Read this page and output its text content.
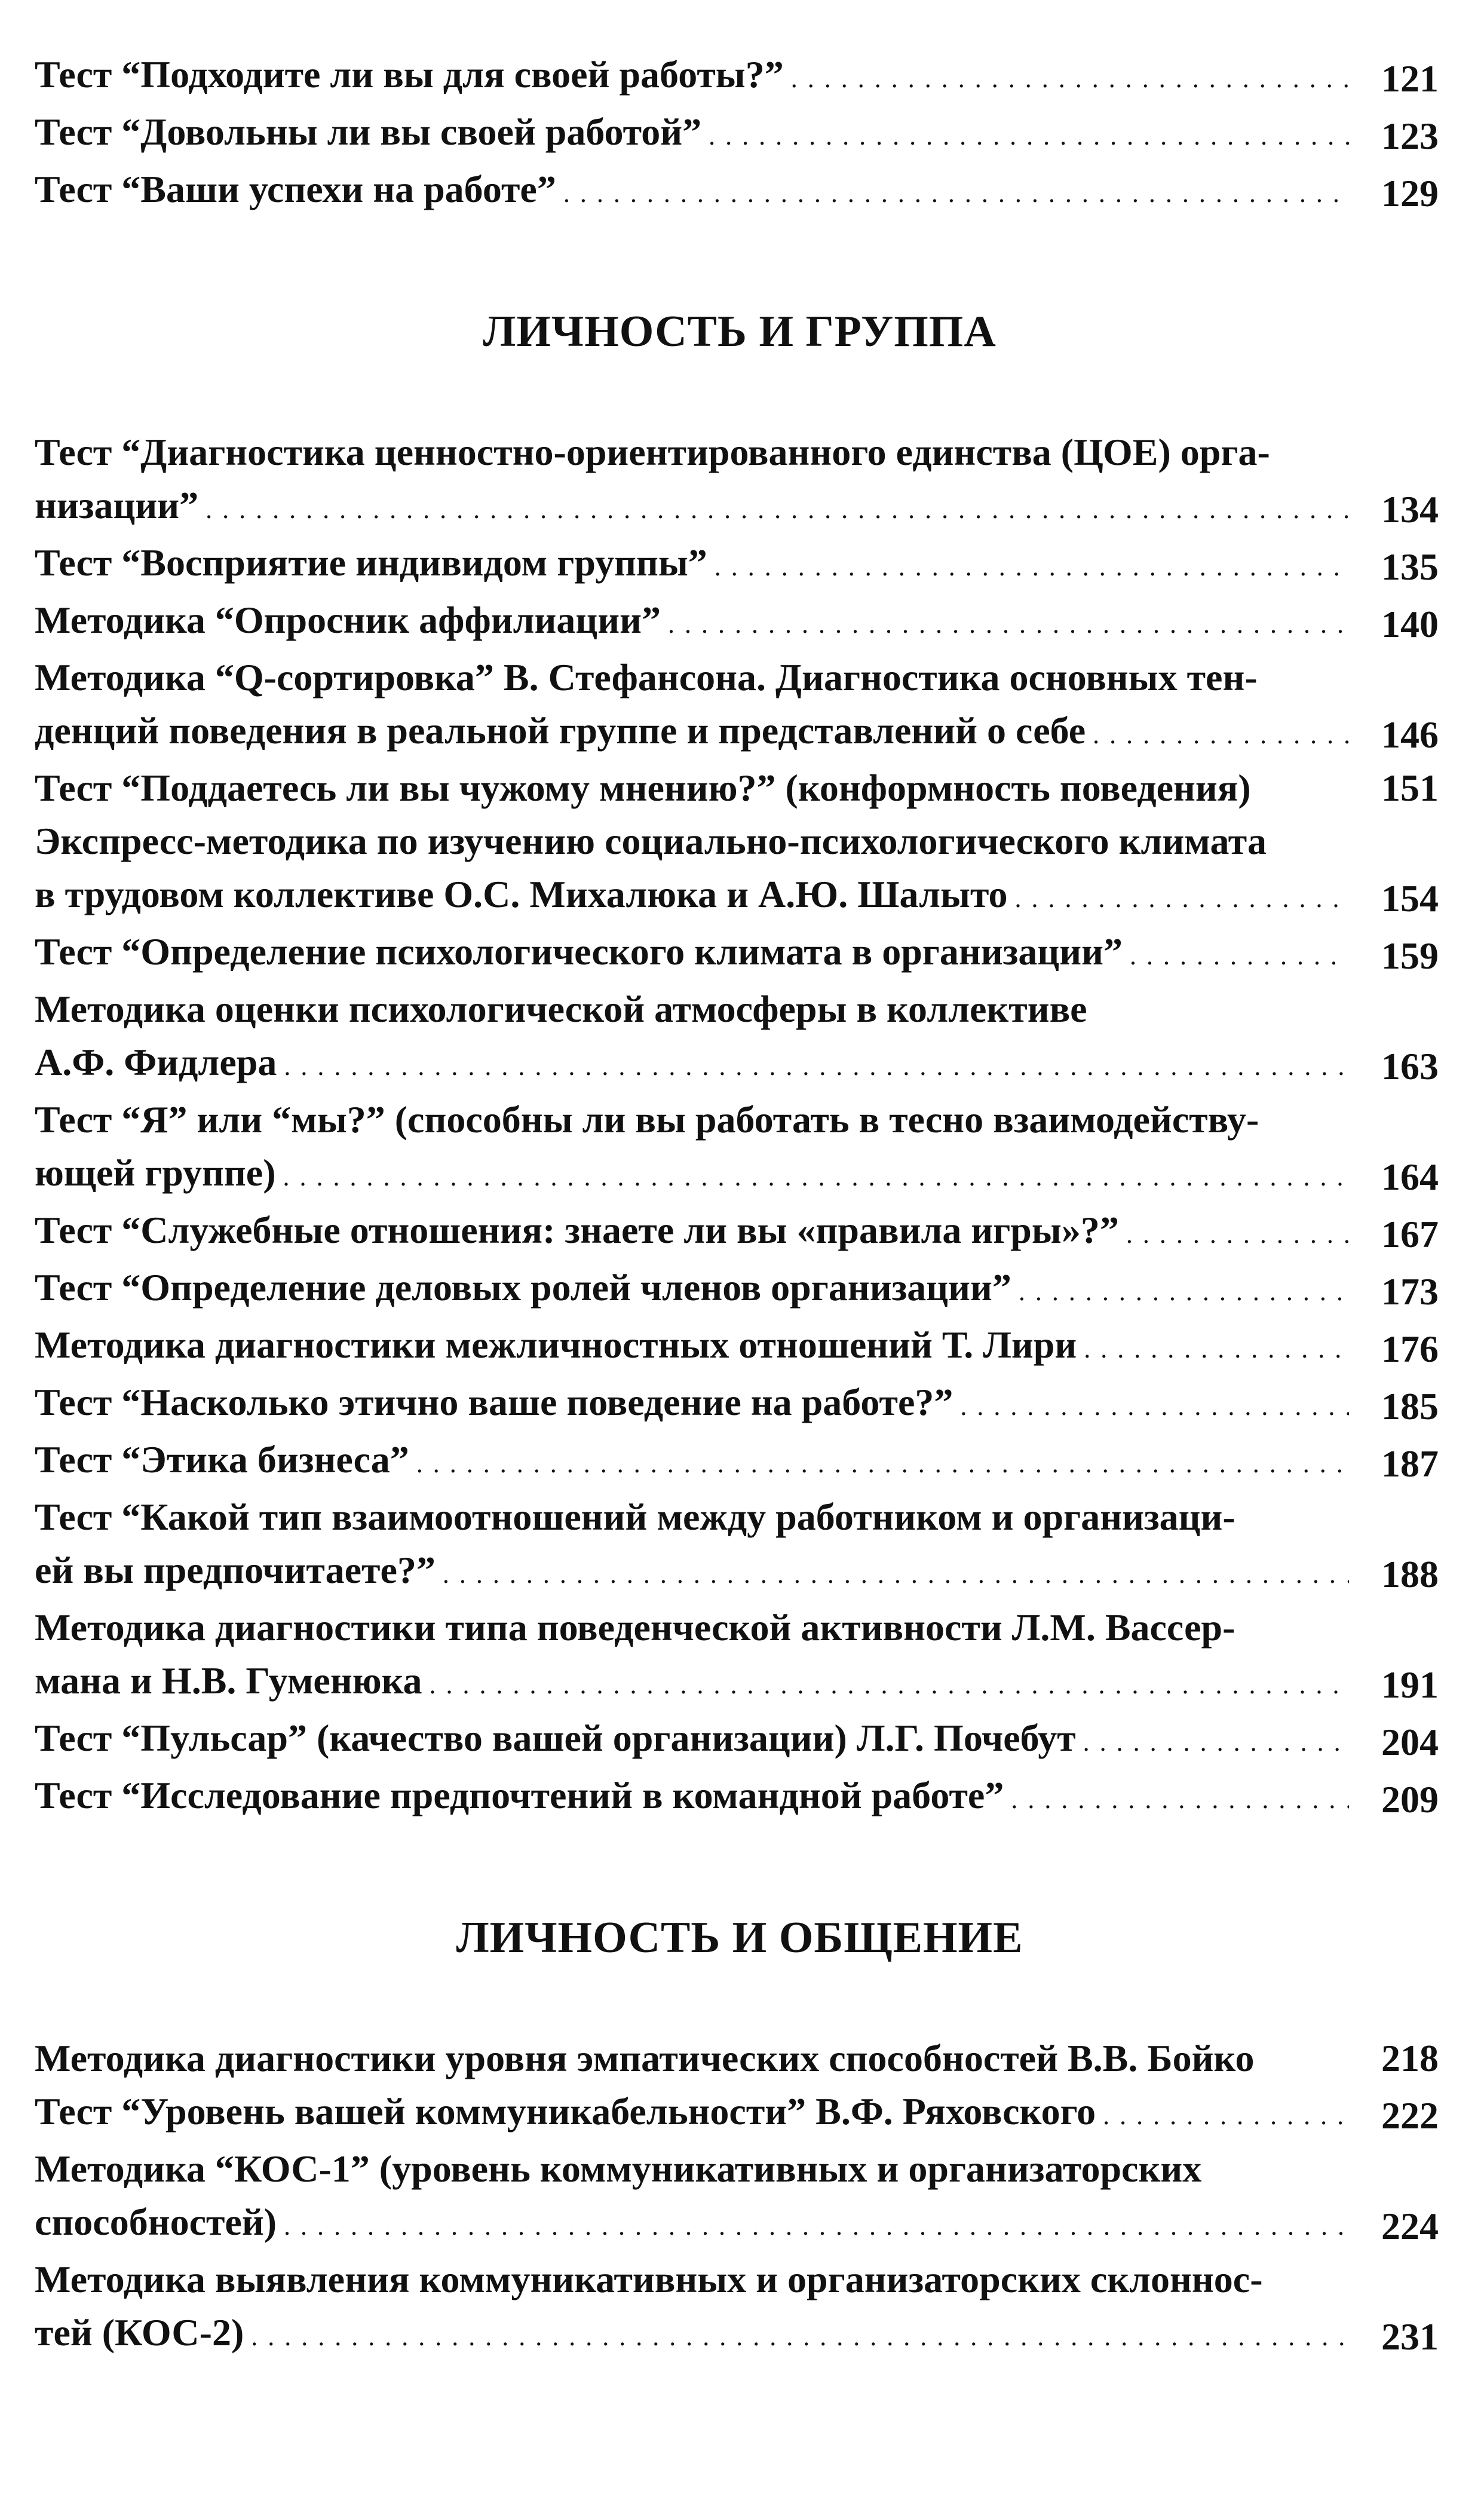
Тест “Подходите ли вы для своей работы?” . . .	121
Тест “Довольны ли вы своей работой” . . .	123
Тест “Ваши успехи на работе” . . .	129
ЛИЧНОСТЬ И ГРУППА
Тест “Диагностика ценностно-ориентированного единства (ЦОЕ) орга-
низации” . . .	134
Тест “Восприятие индивидом группы” . . .	135
Методика “Опросник аффилиации” . . .	140
Методика “Q-сортировка” В. Стефансона. Диагностика основных тен-
денций поведения в реальной группе и представлений о себе . . .	146
Тест “Поддаетесь ли вы чужому мнению?” (конформность поведения)	151
Экспресс-методика по изучению социально-психологического климата
в трудовом коллективе О.С. Михалюка и А.Ю. Шалыто . . .	154
Тест “Определение психологического климата в организации” . . .	159
Методика оценки психологической атмосферы в коллективе
А.Ф. Фидлера . . .	163
Тест “Я” или “мы?” (способны ли вы работать в тесно взаимодейству-
ющей группе) . . .	164
Тест “Служебные отношения: знаете ли вы «правила игры»?” . . .	167
Тест “Определение деловых ролей членов организации” . . .	173
Методика диагностики межличностных отношений Т. Лири . . .	176
Тест “Насколько этично ваше поведение на работе?” . . .	185
Тест “Этика бизнеса” . . .	187
Тест “Какой тип взаимоотношений между работником и организаци-
ей вы предпочитаете?” . . .	188
Методика диагностики типа поведенческой активности Л.М. Вассер-
мана и Н.В. Гуменюка . . .	191
Тест “Пульсар” (качество вашей организации) Л.Г. Почебут . . .	204
Тест “Исследование предпочтений в командной работе” . . .	209
ЛИЧНОСТЬ И ОБЩЕНИЕ
Методика диагностики уровня эмпатических способностей В.В. Бойко	218
Тест “Уровень вашей коммуникабельности” В.Ф. Ряховского . . .	222
Методика “КОС-1” (уровень коммуникативных и организаторских
способностей) . . .	224
Методика выявления коммуникативных и организаторских склоннос-
тей (КОС-2) . . .	231
